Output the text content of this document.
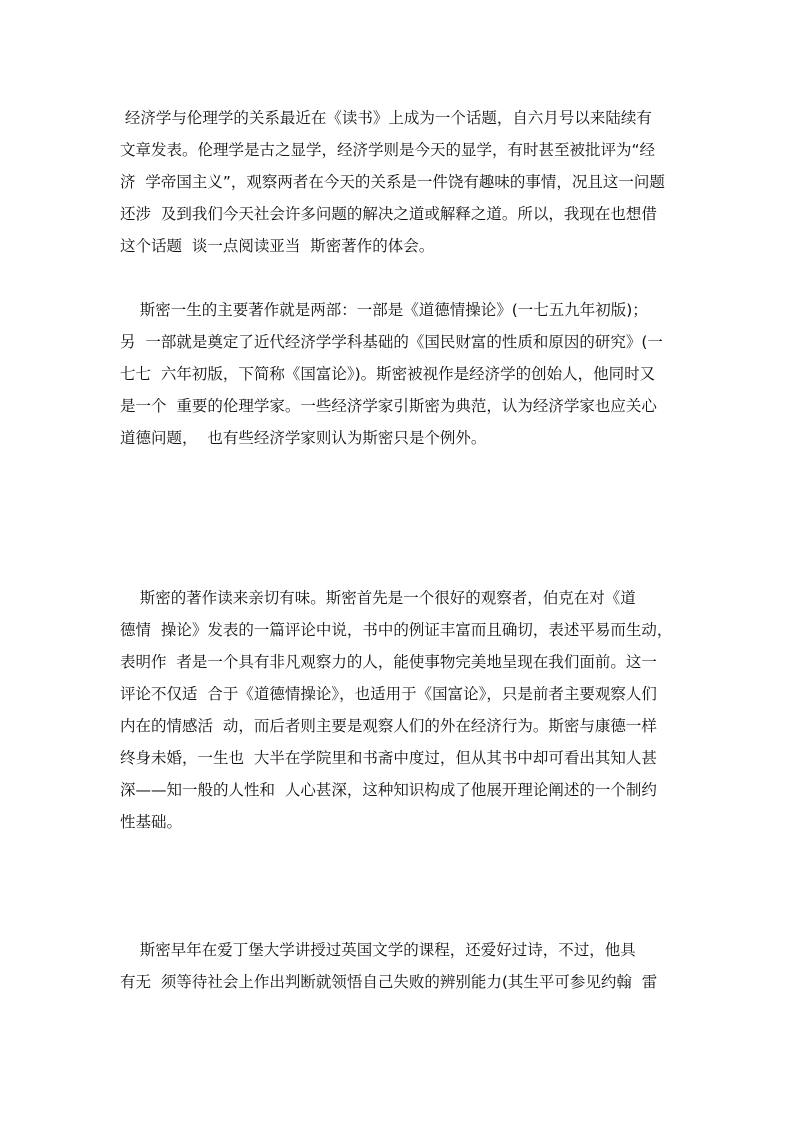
经济学与伦理学的关系最近在《读书》上成为一个话题，自六月号以来陆续有
文章发表。伦理学是古之显学，经济学则是今天的显学，有时甚至被批评为“经
济  学帝国主义”，观察两者在今天的关系是一件饶有趣味的事情，况且这一问题
还涉  及到我们今天社会许多问题的解决之道或解释之道。所以，我现在也想借
这个话题  谈一点阅读亚当  斯密著作的体会。
斯密一生的主要著作就是两部：一部是《道德情操论》(一七五九年初版)；
另  一部就是奠定了近代经济学学科基础的《国民财富的性质和原因的研究》(一
七七  六年初版，下简称《国富论》)。斯密被视作是经济学的创始人，他同时又
是一个  重要的伦理学家。一些经济学家引斯密为典范，认为经济学家也应关心
道德问题，  也有些经济学家则认为斯密只是个例外。
斯密的著作读来亲切有味。斯密首先是一个很好的观察者，伯克在对《道
德情  操论》发表的一篇评论中说，书中的例证丰富而且确切，表述平易而生动，
表明作  者是一个具有非凡观察力的人，能使事物完美地呈现在我们面前。这一
评论不仅适  合于《道德情操论》，也适用于《国富论》，只是前者主要观察人们
内在的情感活  动，而后者则主要是观察人们的外在经济行为。斯密与康德一样
终身未婚，一生也  大半在学院里和书斋中度过，但从其书中却可看出其知人甚
深——知一般的人性和  人心甚深，这种知识构成了他展开理论阐述的一个制约
性基础。
斯密早年在爱丁堡大学讲授过英国文学的课程，还爱好过诗，不过，他具
有无  须等待社会上作出判断就领悟自己失败的辨别能力(其生平可参见约翰  雷
